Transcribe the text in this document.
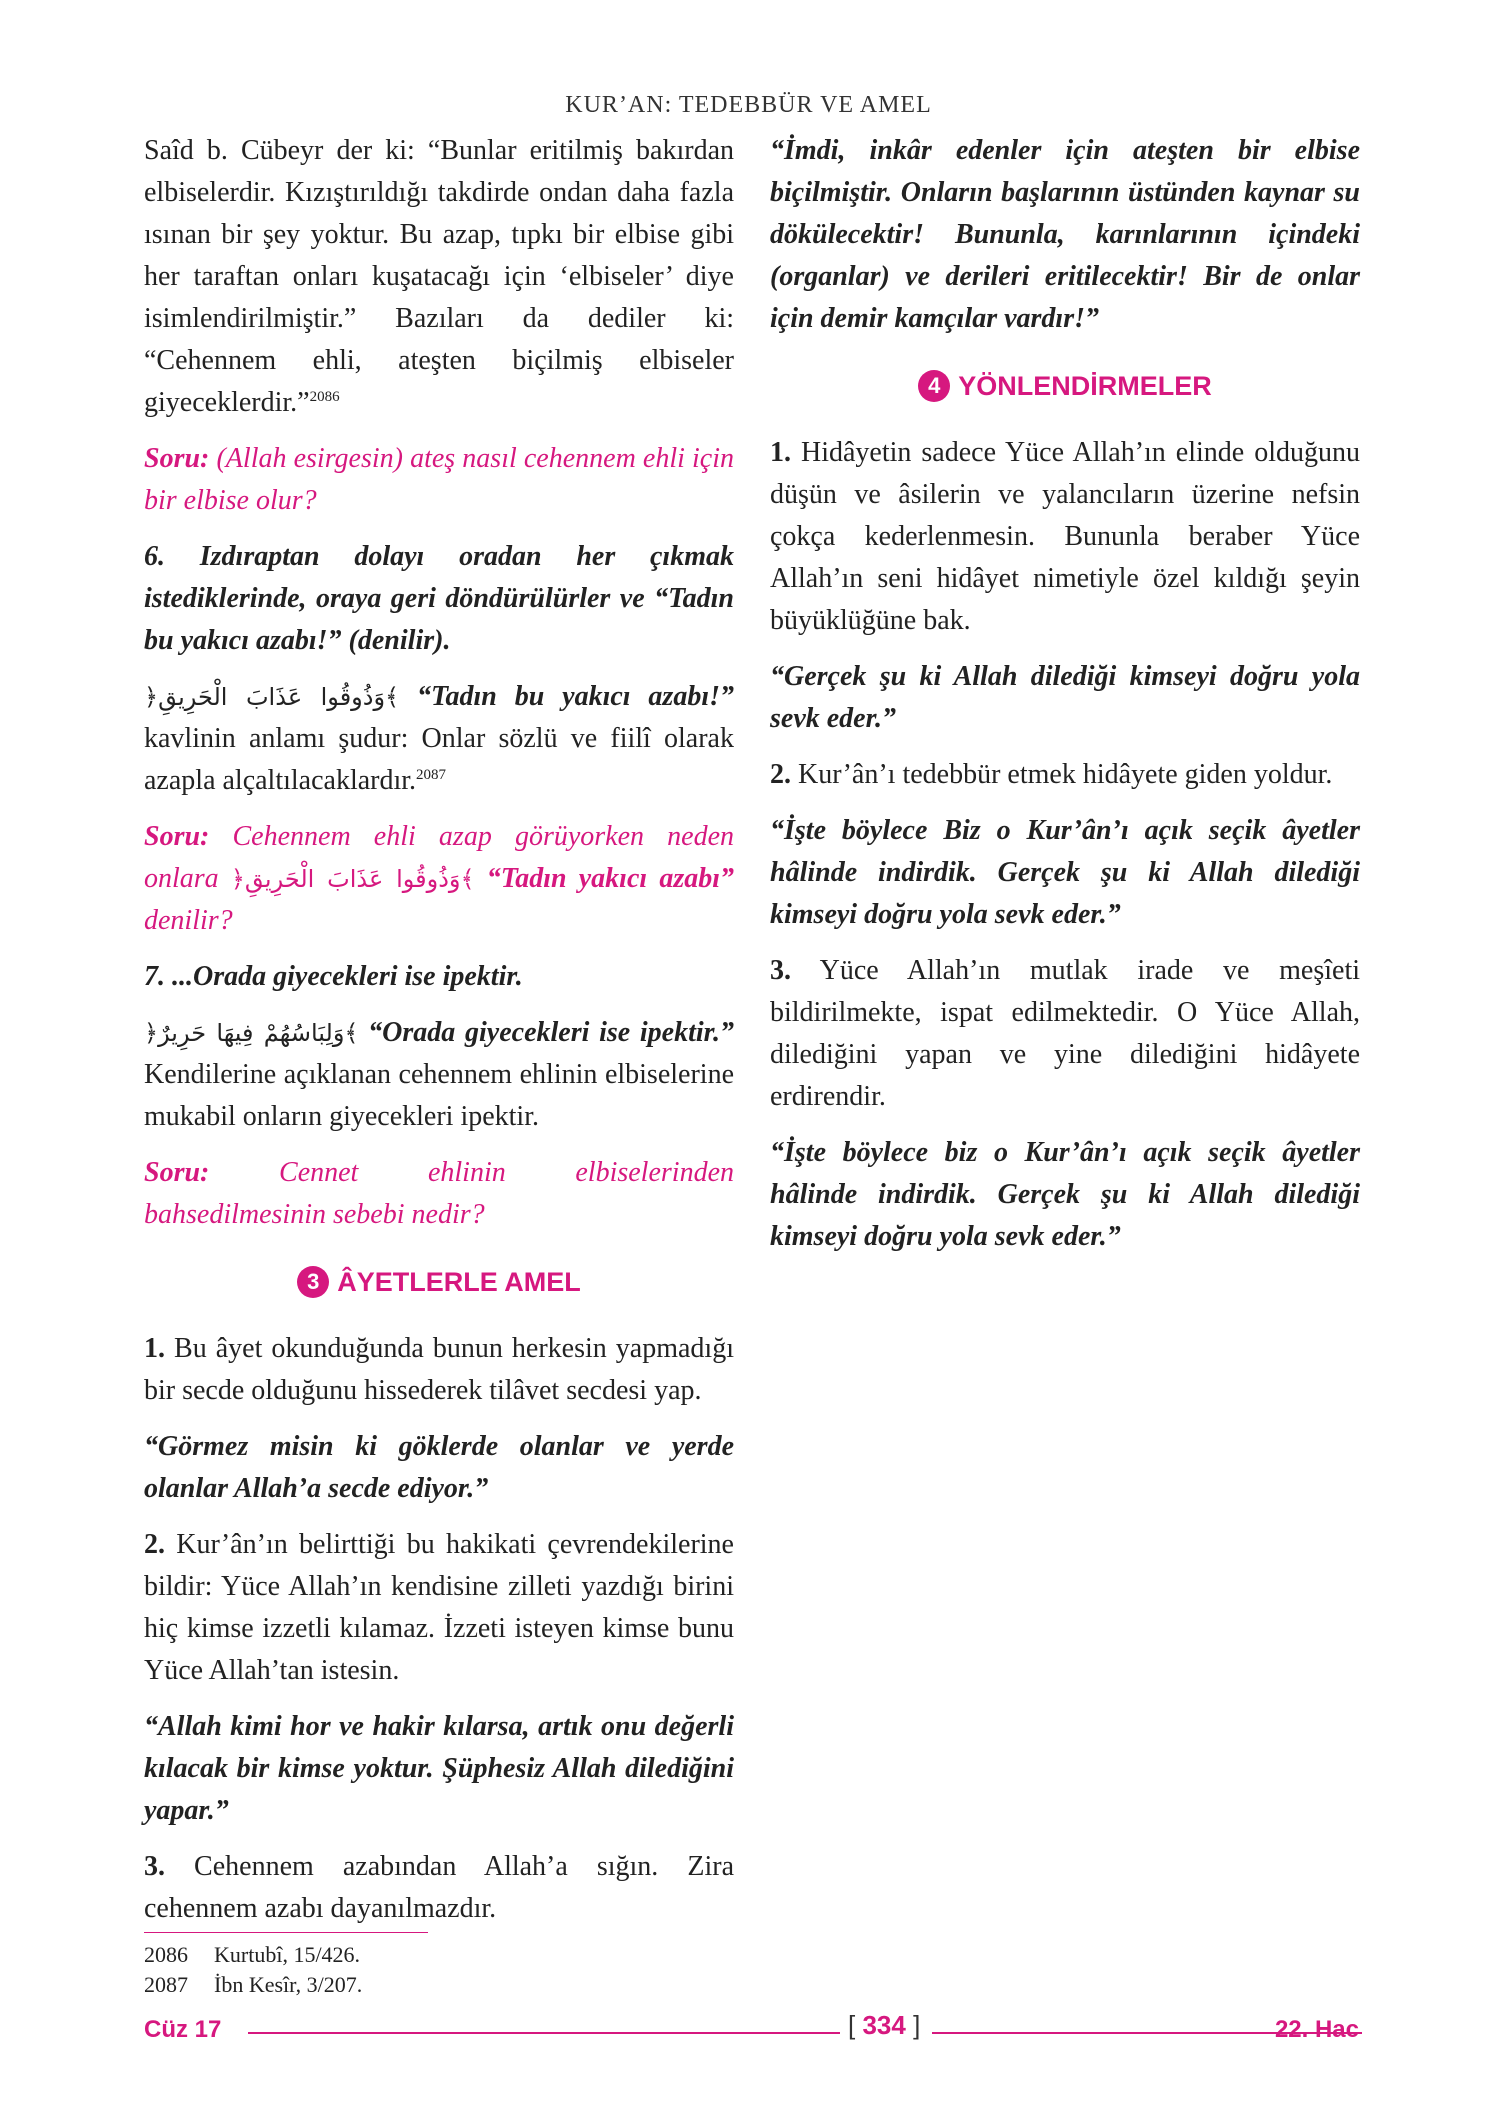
KUR’AN: TEDEBBÜR VE AMEL

Saîd b. Cübeyr der ki: “Bunlar eritilmiş bakırdan elbiselerdir. Kızıştırıldığı takdirde ondan daha fazla ısınan bir şey yoktur. Bu azap, tıpkı bir elbise gibi her taraftan onları kuşatacağı için ‘elbiseler’ diye isimlendirilmiştir.” Bazıları da dediler ki: “Cehennem ehli, ateşten biçilmiş elbiseler giyeceklerdir.”$^{2086}$

Soru: (Allah esirgesin) ateş nasıl cehennem ehli için bir elbise olur?

6. Izdıraptan dolayı oradan her çıkmak istediklerinde, oraya geri döndürülürler ve “Tadın bu yakıcı azabı!” (denilir).

﴿وَذُوقُوا عَذَابَ الْحَرِيقِ﴾ “Tadın bu yakıcı azabı!” kavlinin anlamı şudur: Onlar sözlü ve fiilî olarak azapla alçaltılacaklardır.$^{2087}$

Soru: Cehennem ehli azap görüyorken neden onlara ﴿وَذُوقُوا عَذَابَ الْحَرِيقِ﴾ “Tadın yakıcı azabı” denilir?

7. ...Orada giyecekleri ise ipektir.

﴿وَلِبَاسُهُمْ فِيهَا حَرِيرٌ﴾ “Orada giyecekleri ise ipektir.” Kendilerine açıklanan cehennem ehlinin elbiselerine mukabil onların giyecekleri ipektir.

Soru: Cennet ehlinin elbiselerinden bahsedilmesinin sebebi nedir?

3 ÂYETLERLE AMEL

1. Bu âyet okunduğunda bunun herkesin yapmadığı bir secde olduğunu hissederek tilâvet secdesi yap.

“Görmez misin ki göklerde olanlar ve yerde olanlar Allah’a secde ediyor.”

2. Kur’ân’ın belirttiği bu hakikati çevrendekilerine bildir: Yüce Allah’ın kendisine zilleti yazdığı birini hiç kimse izzetli kılamaz. İzzeti isteyen kimse bunu Yüce Allah’tan istesin.

“Allah kimi hor ve hakir kılarsa, artık onu değerli kılacak bir kimse yoktur. Şüphesiz Allah dilediğini yapar.”

3. Cehennem azabından Allah’a sığın. Zira cehennem azabı dayanılmazdır.

“İmdi, inkâr edenler için ateşten bir elbise biçilmiştir. Onların başlarının üstünden kaynar su dökülecektir! Bununla, karınlarının içindeki (organlar) ve derileri eritilecektir! Bir de onlar için demir kamçılar vardır!”

4 YÖNLENDİRMELER

1. Hidâyetin sadece Yüce Allah’ın elinde olduğunu düşün ve âsilerin ve yalancıların üzerine nefsin çokça kederlenmesin. Bununla beraber Yüce Allah’ın seni hidâyet nimetiyle özel kıldığı şeyin büyüklüğüne bak.

“Gerçek şu ki Allah dilediği kimseyi doğru yola sevk eder.”

2. Kur’ân’ı tedebbür etmek hidâyete giden yoldur.

“İşte böylece Biz o Kur’ân’ı açık seçik âyetler hâlinde indirdik. Gerçek şu ki Allah dilediği kimseyi doğru yola sevk eder.”

3. Yüce Allah’ın mutlak irade ve meşîeti bildirilmekte, ispat edilmektedir. O Yüce Allah, dilediğini yapan ve yine dilediğini hidâyete erdirendir.

“İşte böylece biz o Kur’ân’ı açık seçik âyetler hâlinde indirdik. Gerçek şu ki Allah dilediği kimseyi doğru yola sevk eder.”

2086 Kurtubî, 15/426.
2087 İbn Kesîr, 3/207.
Cüz 17	[ 334 ]	22. Hac
